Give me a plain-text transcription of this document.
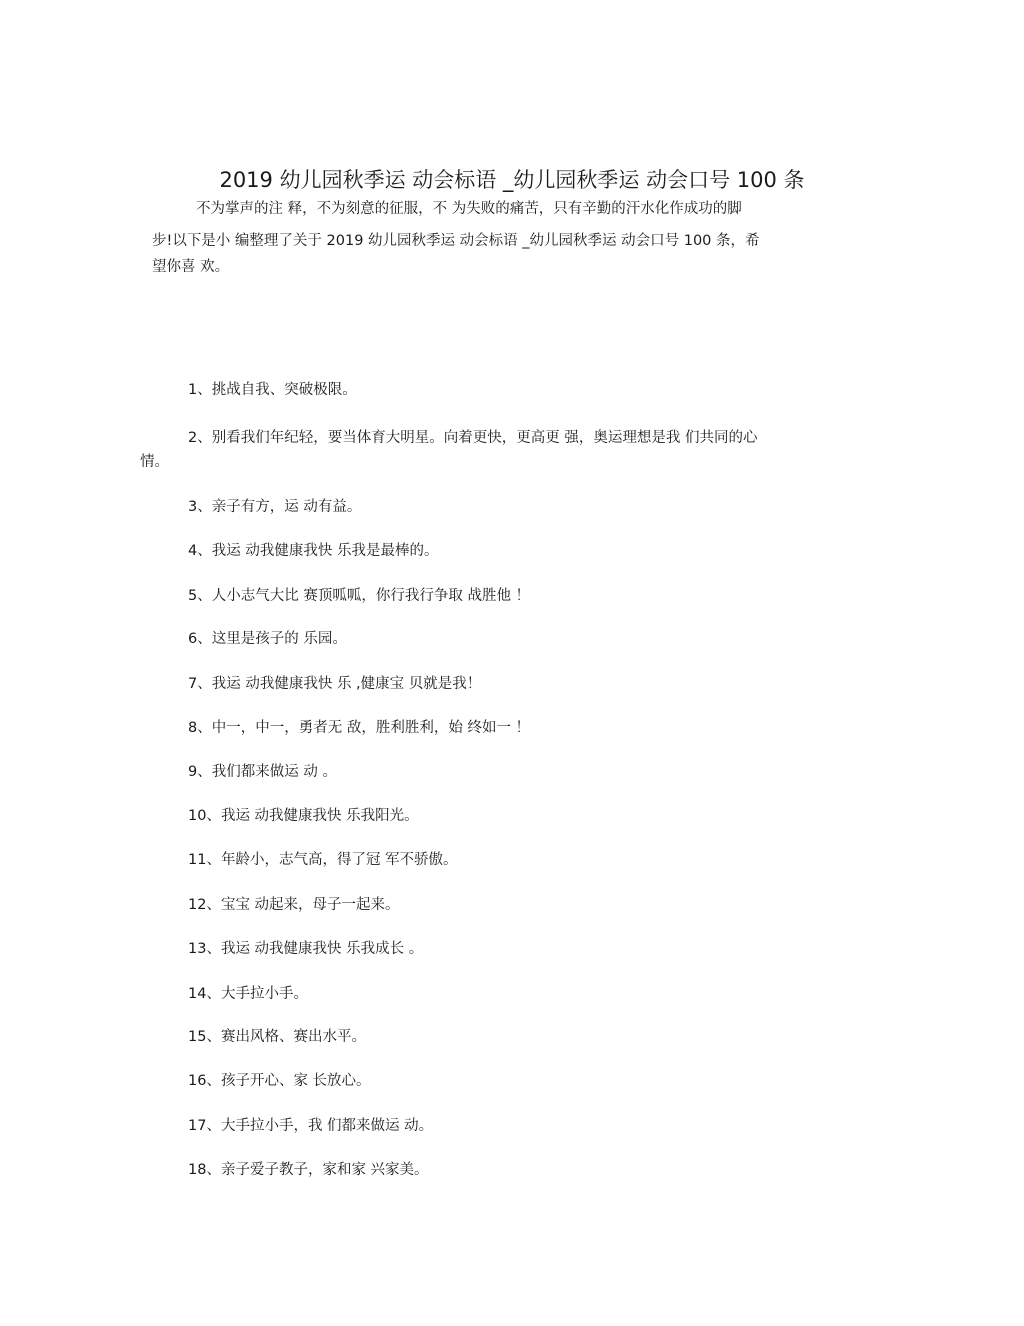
2019 幼儿园秋季运 动会标语 _幼儿园秋季运 动会口号 100 条
不为掌声的注 释，不为刻意的征服，不 为失败的痛苦，只有辛勤的汗水化作成功的脚
步!以下是小 编整理了关于 2019 幼儿园秋季运 动会标语 _幼儿园秋季运 动会口号 100 条，希
望你喜 欢。
1、挑战自我、突破极限。
2、别看我们年纪轻，要当体育大明星。向着更快，更高更 强，奥运理想是我 们共同的心
情。
3、亲子有方，运 动有益。
4、我运 动我健康我快 乐我是最棒的。
5、人小志气大比 赛顶呱呱，你行我行争取 战胜他 ！
6、这里是孩子的 乐园。
7、我运 动我健康我快 乐 ,健康宝 贝就是我！
8、中一，中一，勇者无 敌，胜利胜利，始 终如一 ！
9、我们都来做运 动 。
10、我运 动我健康我快 乐我阳光。
11、年龄小，志气高，得了冠 军不骄傲。
12、宝宝 动起来，母子一起来。
13、我运 动我健康我快 乐我成长 。
14、大手拉小手。
15、赛出风格、赛出水平。
16、孩子开心、家 长放心。
17、大手拉小手，我 们都来做运 动。
18、亲子爱子教子，家和家 兴家美。
